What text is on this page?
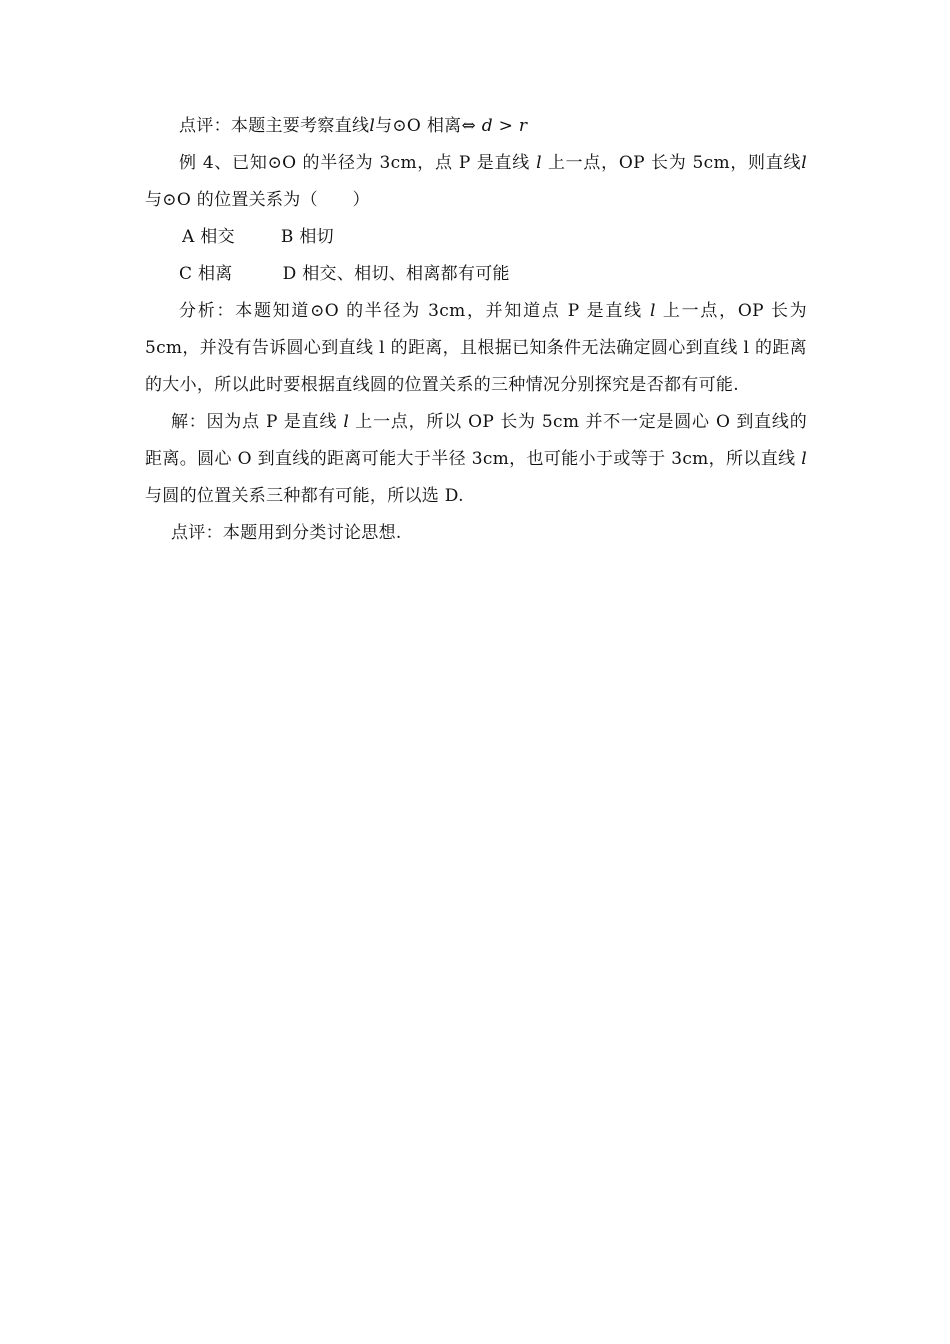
点评：本题主要考察直线l与⊙O 相离⇔ d > r

例 4、已知⊙O 的半径为 3cm，点 P 是直线 l 上一点，OP 长为 5cm，则直线l 与⊙O 的位置关系为（　　）

A 相交	B 相切

C 相离	D 相交、相切、相离都有可能

分析：本题知道⊙O 的半径为 3cm，并知道点 P 是直线 l 上一点，OP 长为 5cm，并没有告诉圆心到直线 l 的距离，且根据已知条件无法确定圆心到直线 l 的距离的大小，所以此时要根据直线圆的位置关系的三种情况分别探究是否都有可能.

解：因为点 P 是直线 l 上一点，所以 OP 长为 5cm 并不一定是圆心 O 到直线的距离。圆心 O 到直线的距离可能大于半径 3cm，也可能小于或等于 3cm，所以直线 l 与圆的位置关系三种都有可能，所以选 D.

点评：本题用到分类讨论思想.
